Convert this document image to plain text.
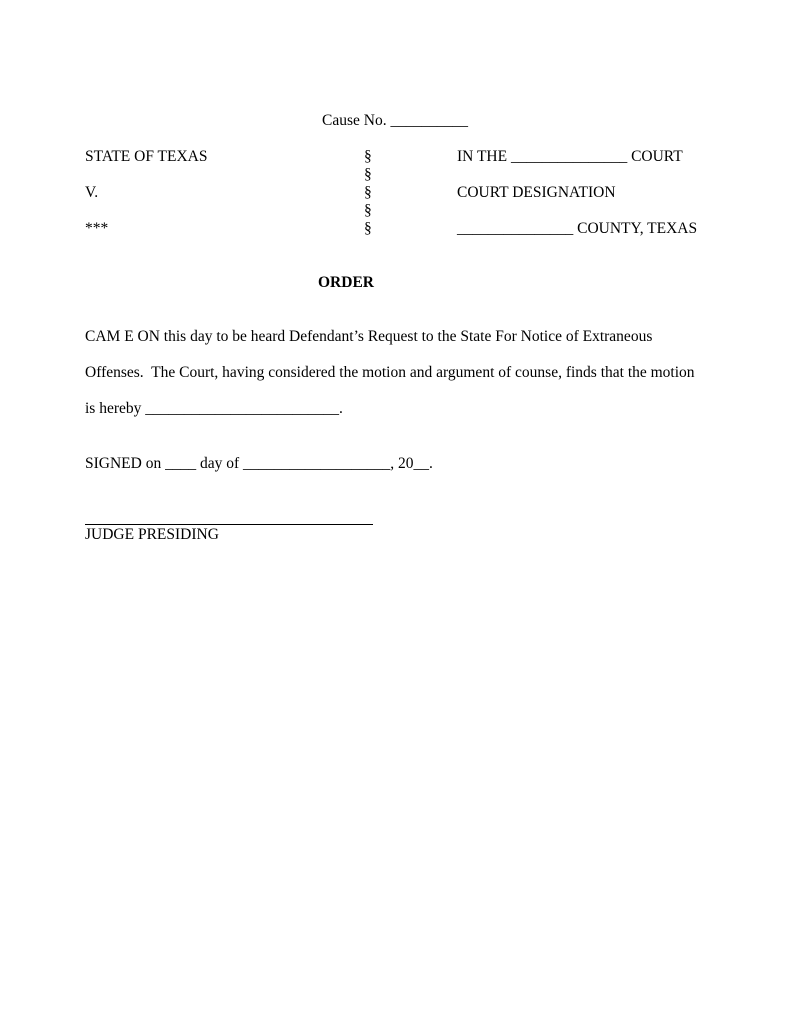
Cause No. __________
STATE OF TEXAS
V.
***
§
§
§
§
§
IN THE _______________ COURT
COURT DESIGNATION
_______________ COUNTY, TEXAS
ORDER
CAM E ON this day to be heard Defendant’s Request to the State For Notice of Extraneous
Offenses.  The Court, having considered the motion and argument of counse, finds that the motion
is hereby _________________________.
SIGNED on ____ day of ___________________, 20__.
JUDGE PRESIDING
